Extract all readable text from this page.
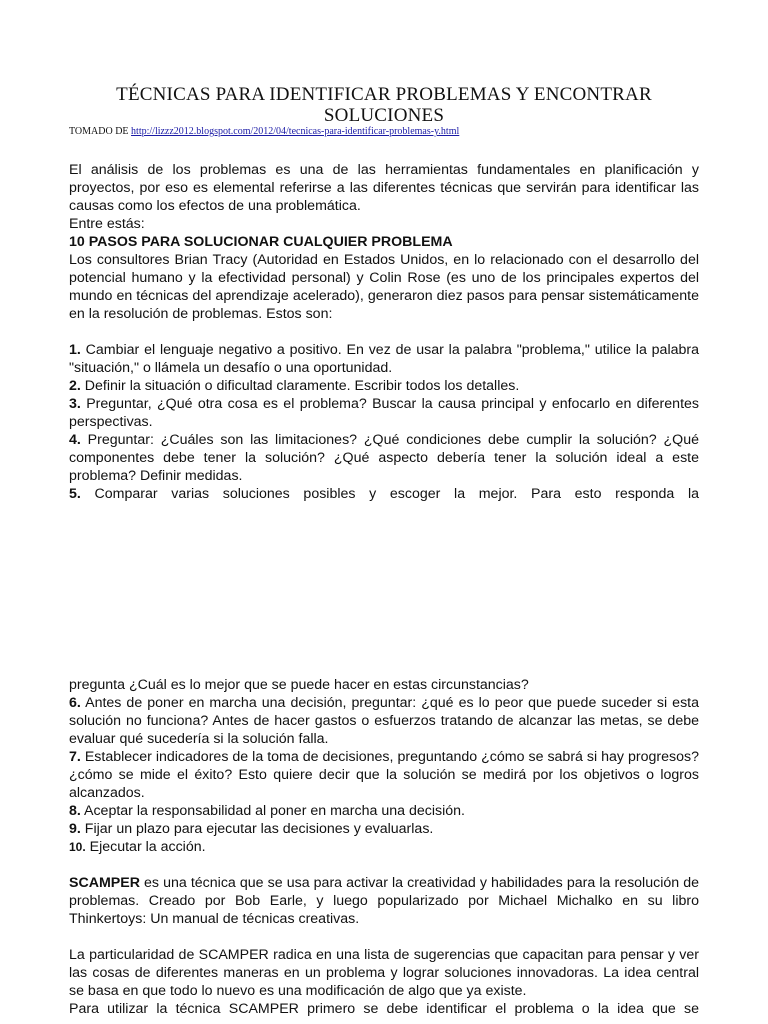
TÉCNICAS PARA IDENTIFICAR PROBLEMAS Y ENCONTRAR SOLUCIONES
TOMADO DE http://lizzz2012.blogspot.com/2012/04/tecnicas-para-identificar-problemas-y.html

El análisis de los problemas es una de las herramientas fundamentales en planificación y proyectos, por eso es elemental referirse a las diferentes técnicas que servirán para identificar las causas como los efectos de una problemática.

Entre estás:

10 PASOS PARA SOLUCIONAR CUALQUIER PROBLEMA

Los consultores Brian Tracy (Autoridad en Estados Unidos, en lo relacionado con el desarrollo del potencial humano y la efectividad personal) y Colin Rose (es uno de los principales expertos del mundo en técnicas del aprendizaje acelerado), generaron diez pasos para pensar sistemáticamente en la resolución de problemas. Estos son:

1. Cambiar el lenguaje negativo a positivo. En vez de usar la palabra "problema," utilice la palabra "situación," o llámela un desafío o una oportunidad.

2. Definir la situación o dificultad claramente. Escribir todos los detalles.

3. Preguntar, ¿Qué otra cosa es el problema? Buscar la causa principal y enfocarlo en diferentes perspectivas.

4. Preguntar: ¿Cuáles son las limitaciones? ¿Qué condiciones debe cumplir la solución? ¿Qué componentes debe tener la solución? ¿Qué aspecto debería tener la solución ideal a este problema? Definir medidas.

5. Comparar varias soluciones posibles y escoger la mejor. Para esto responda la

pregunta ¿Cuál es lo mejor que se puede hacer en estas circunstancias?

6. Antes de poner en marcha una decisión, preguntar: ¿qué es lo peor que puede suceder si esta solución no funciona? Antes de hacer gastos o esfuerzos tratando de alcanzar las metas, se debe evaluar qué sucedería si la solución falla.

7. Establecer indicadores de la toma de decisiones, preguntando ¿cómo se sabrá si hay progresos? ¿cómo se mide el éxito? Esto quiere decir que la solución se medirá por los objetivos o logros alcanzados.

8. Aceptar la responsabilidad al poner en marcha una decisión.

9. Fijar un plazo para ejecutar las decisiones y evaluarlas.

10. Ejecutar la acción.

SCAMPER es una técnica que se usa para activar la creatividad y habilidades para la resolución de problemas. Creado por Bob Earle, y luego popularizado por Michael Michalko en su libro Thinkertoys: Un manual de técnicas creativas.

La particularidad de SCAMPER radica en una lista de sugerencias que capacitan para pensar y ver las cosas de diferentes maneras en un problema y lograr soluciones innovadoras. La idea central se basa en que todo lo nuevo es una modificación de algo que ya existe.

Para utilizar la técnica SCAMPER primero se debe identificar el problema o la idea que se
